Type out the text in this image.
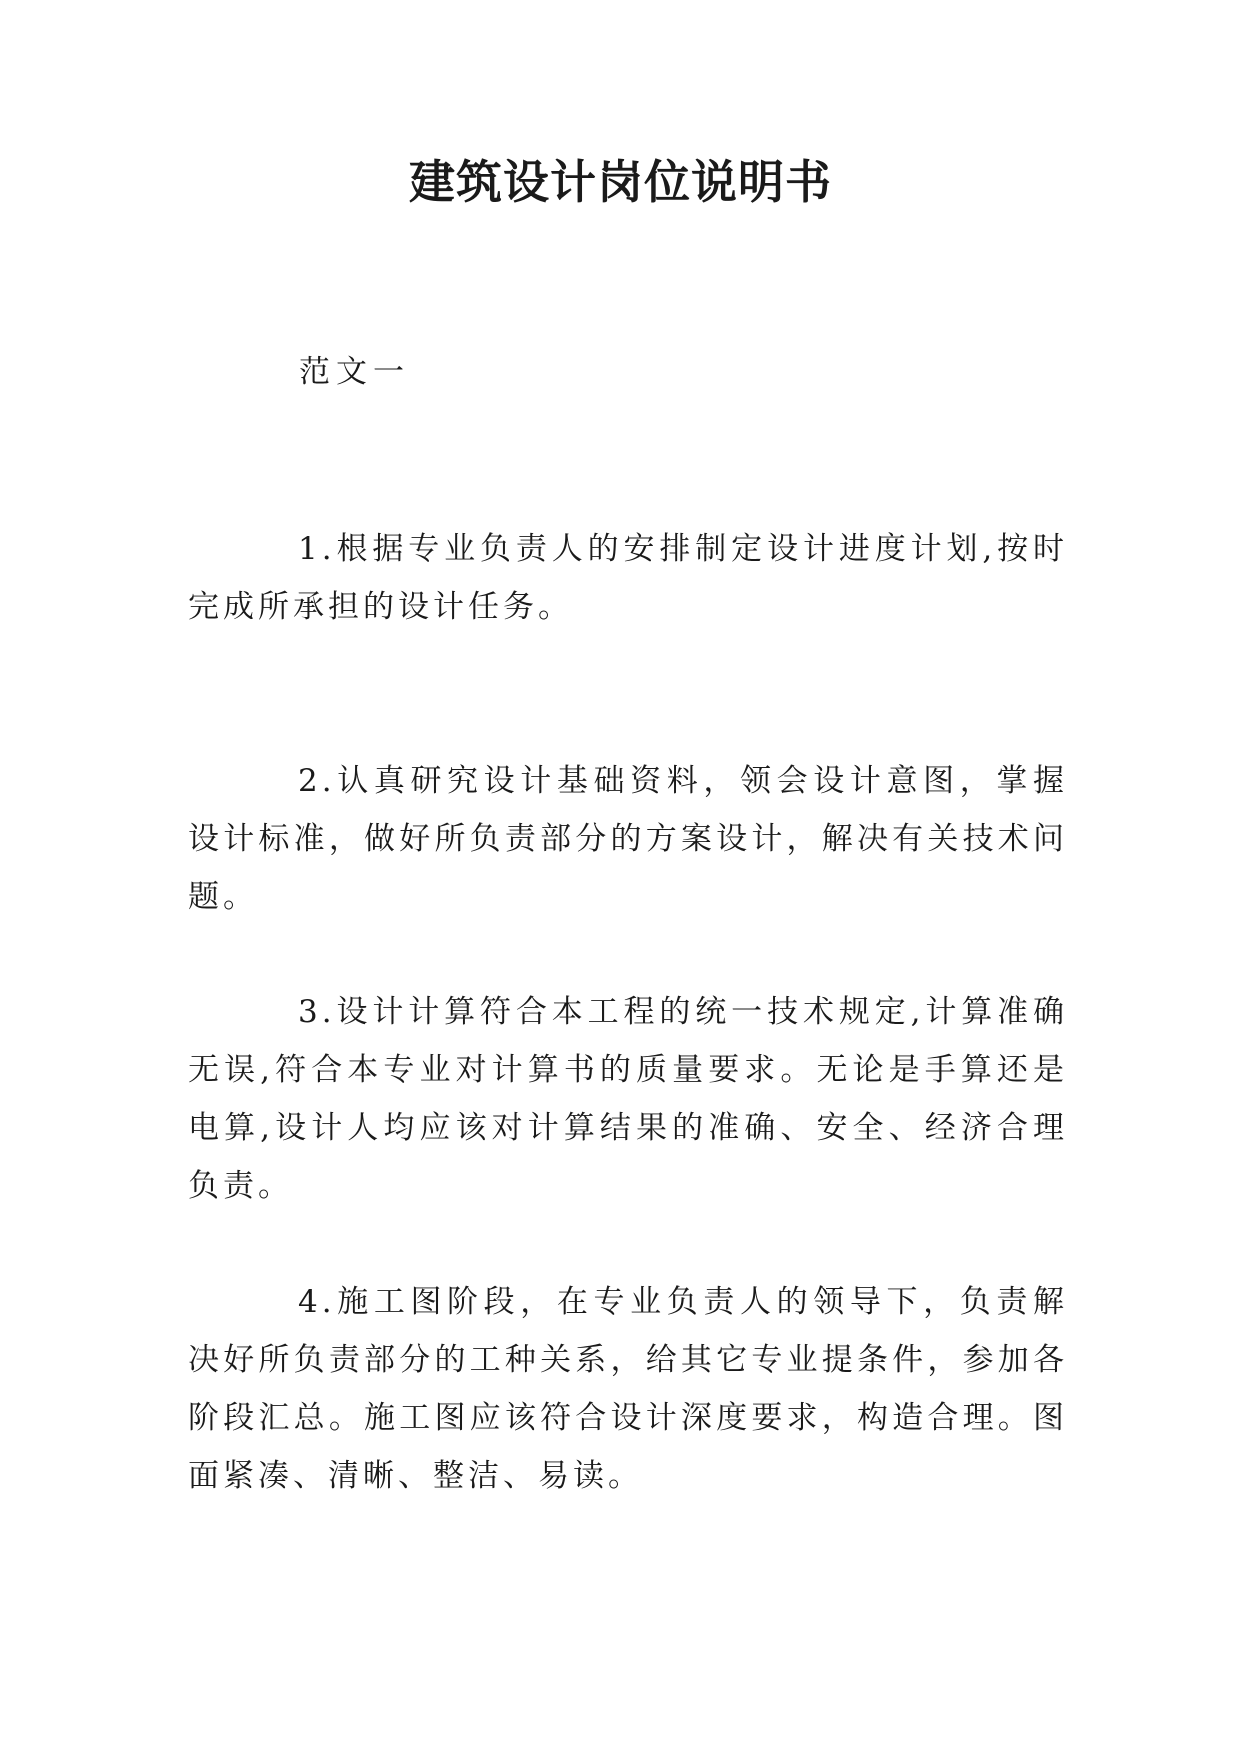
建筑设计岗位说明书

范文一

1.根据专业负责人的安排制定设计进度计划,按时完成所承担的设计任务。

2.认真研究设计基础资料，领会设计意图，掌握设计标准，做好所负责部分的方案设计，解决有关技术问题。

3.设计计算符合本工程的统一技术规定,计算准确无误,符合本专业对计算书的质量要求。无论是手算还是电算,设计人均应该对计算结果的准确、安全、经济合理负责。

4.施工图阶段，在专业负责人的领导下，负责解决好所负责部分的工种关系，给其它专业提条件，参加各阶段汇总。施工图应该符合设计深度要求，构造合理。图面紧凑、清晰、整洁、易读。
